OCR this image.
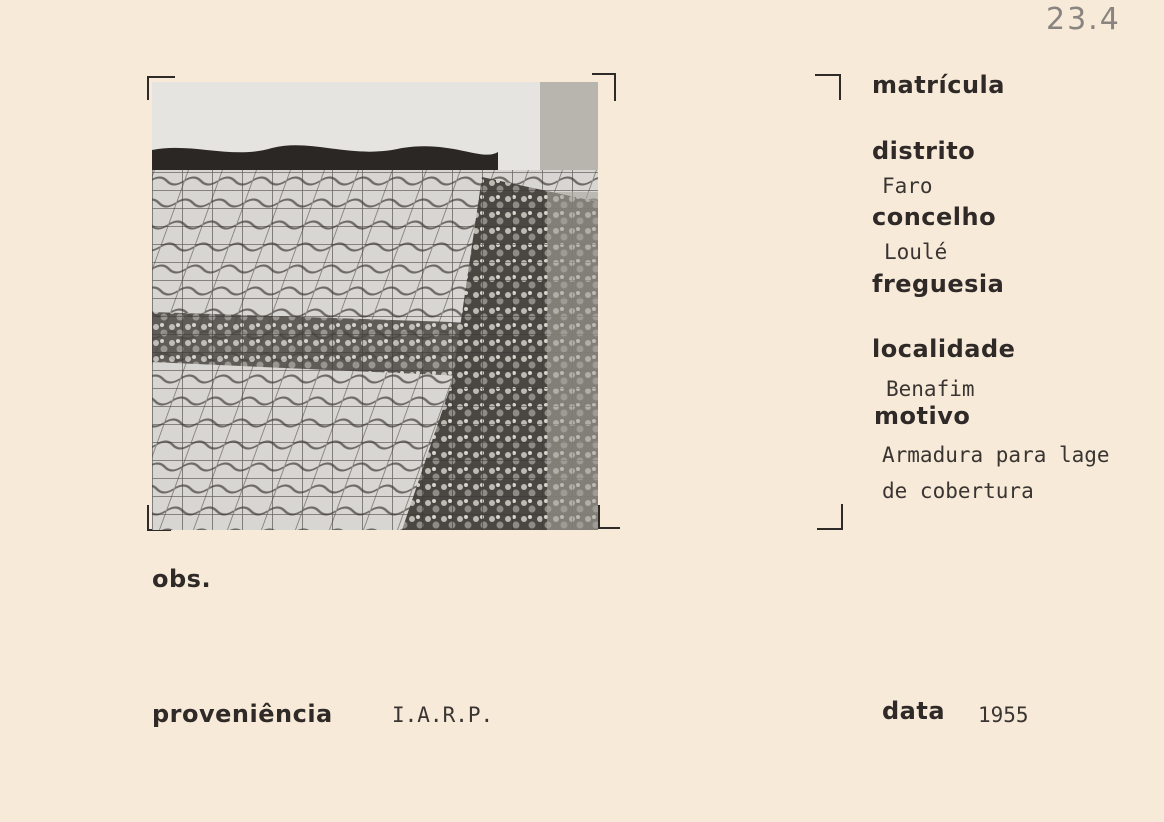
23.4
matrícula
distrito
Faro
concelho
Loulé
freguesia
localidade
Benafim
motivo
Armadura para lage
de cobertura
obs.
proveniência	I.A.R.P.	data 1955
